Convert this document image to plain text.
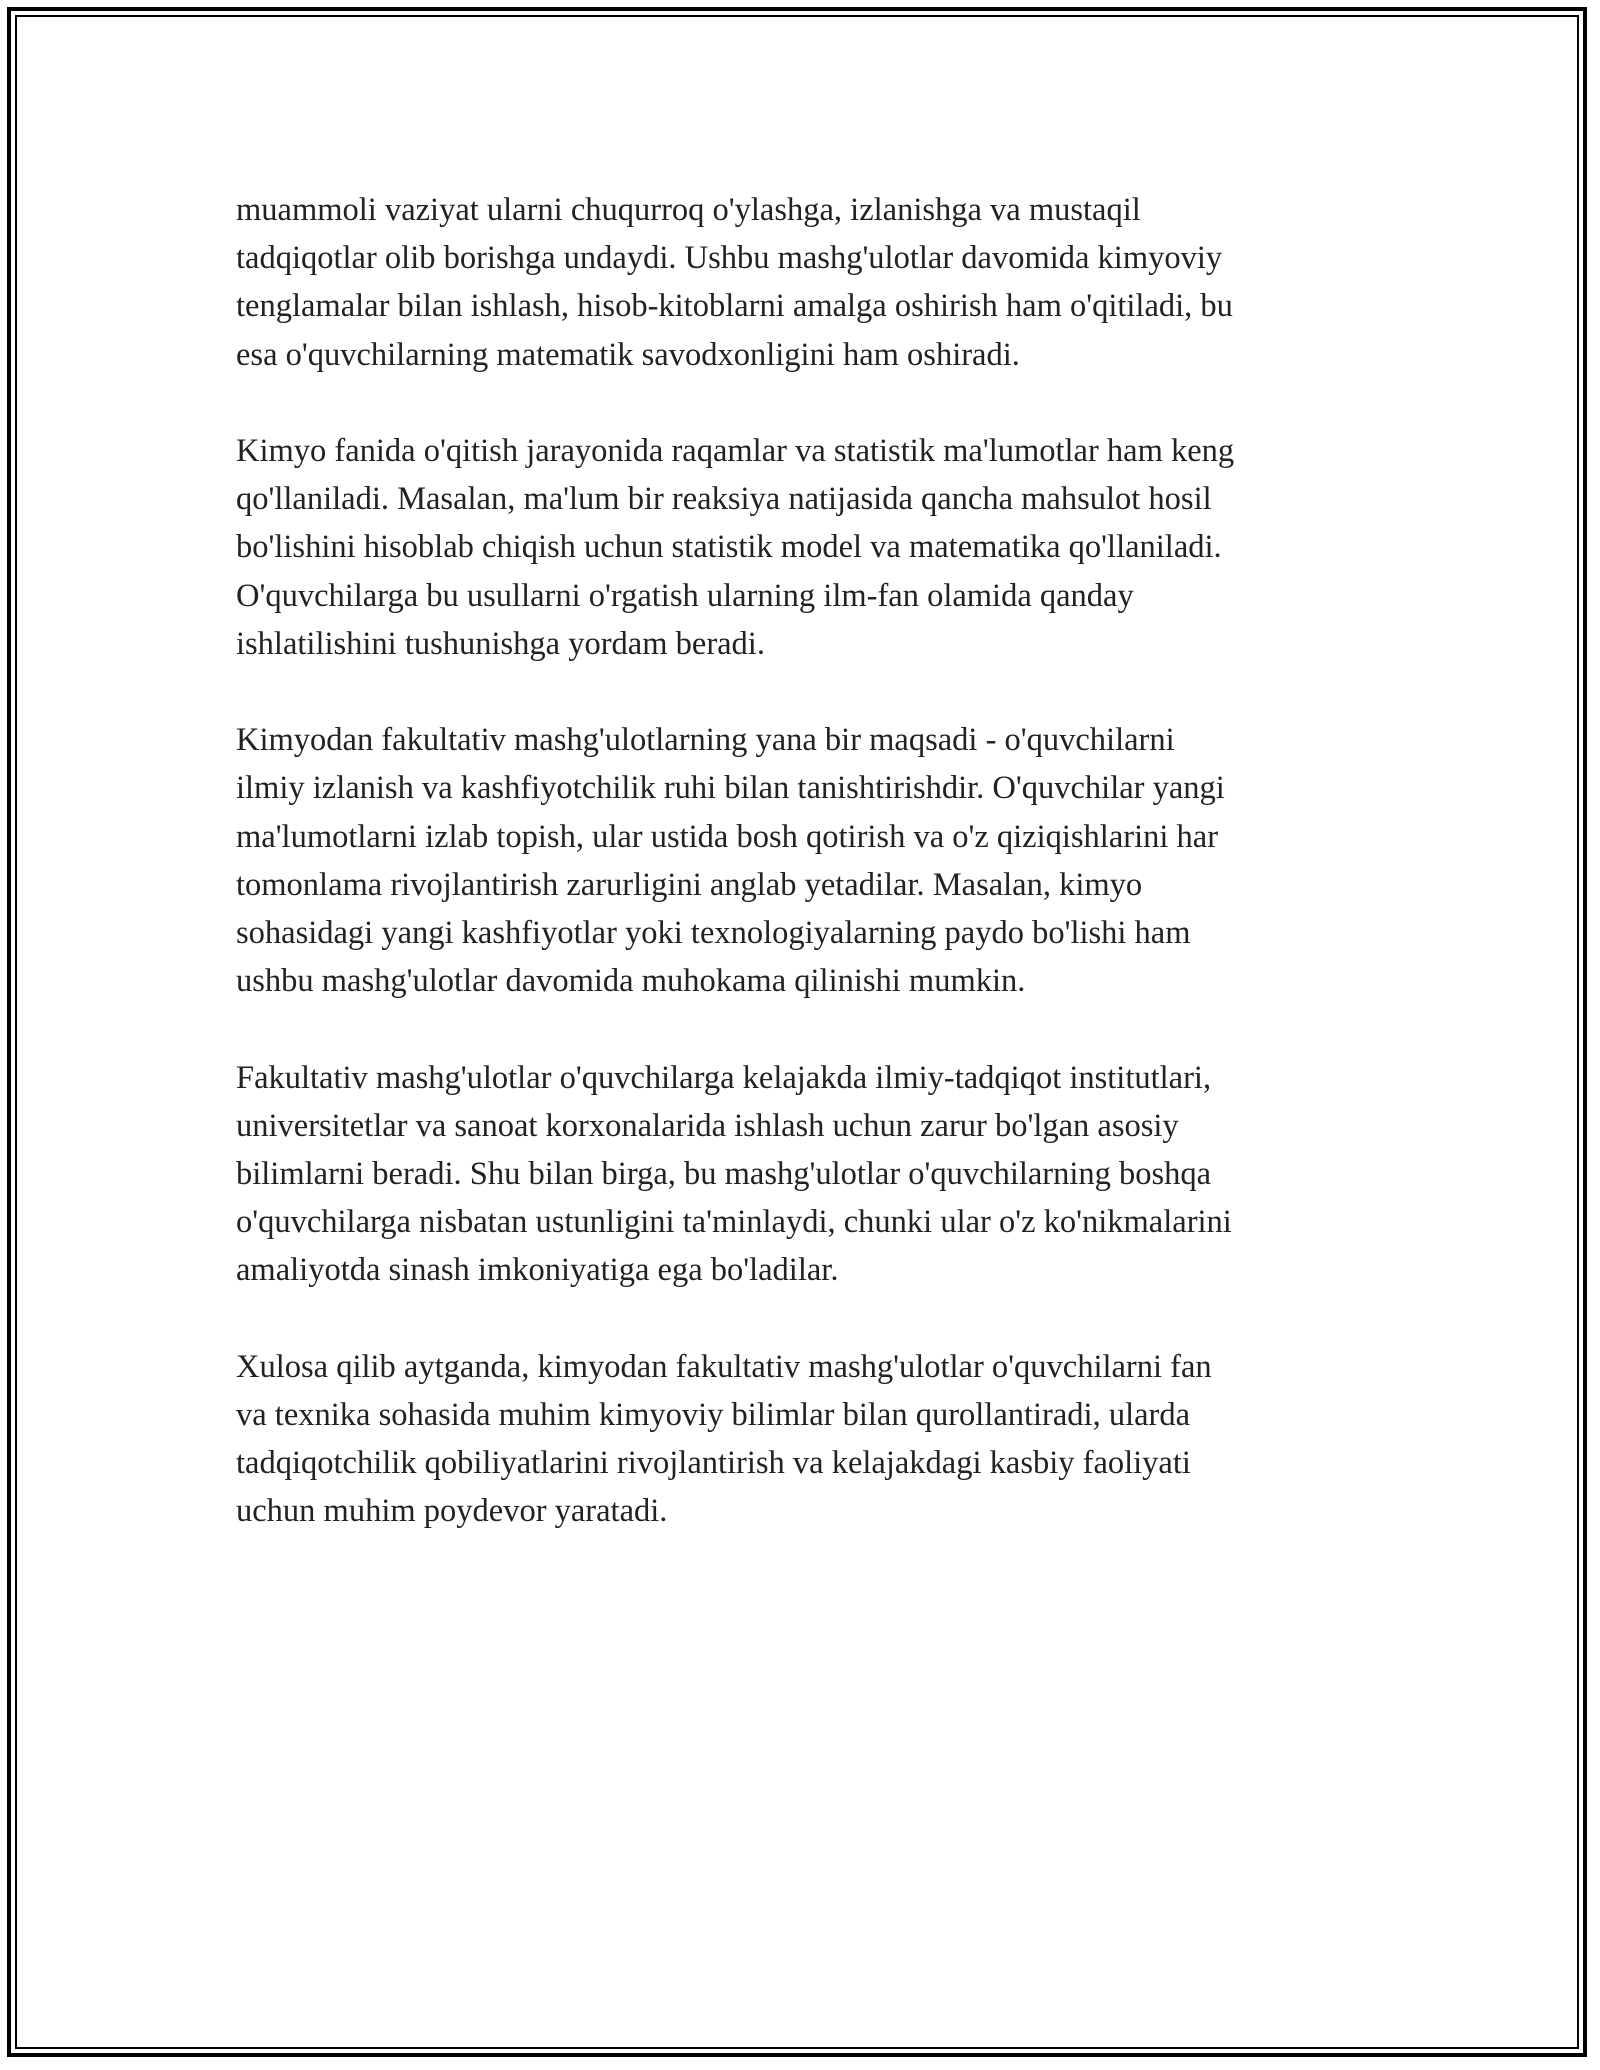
muammoli vaziyat ularni chuqurroq o'ylashga, izlanishga va mustaqil
tadqiqotlar olib borishga undaydi. Ushbu mashg'ulotlar davomida kimyoviy
tenglamalar bilan ishlash, hisob-kitoblarni amalga oshirish ham o'qitiladi, bu
esa o'quvchilarning matematik savodxonligini ham oshiradi.

Kimyo fanida o'qitish jarayonida raqamlar va statistik ma'lumotlar ham keng
qo'llaniladi. Masalan, ma'lum bir reaksiya natijasida qancha mahsulot hosil
bo'lishini hisoblab chiqish uchun statistik model va matematika qo'llaniladi.
O'quvchilarga bu usullarni o'rgatish ularning ilm-fan olamida qanday
ishlatilishini tushunishga yordam beradi.

Kimyodan fakultativ mashg'ulotlarning yana bir maqsadi - o'quvchilarni
ilmiy izlanish va kashfiyotchilik ruhi bilan tanishtirishdir. O'quvchilar yangi
ma'lumotlarni izlab topish, ular ustida bosh qotirish va o'z qiziqishlarini har
tomonlama rivojlantirish zarurligini anglab yetadilar. Masalan, kimyo
sohasidagi yangi kashfiyotlar yoki texnologiyalarning paydo bo'lishi ham
ushbu mashg'ulotlar davomida muhokama qilinishi mumkin.

Fakultativ mashg'ulotlar o'quvchilarga kelajakda ilmiy-tadqiqot institutlari,
universitetlar va sanoat korxonalarida ishlash uchun zarur bo'lgan asosiy
bilimlarni beradi. Shu bilan birga, bu mashg'ulotlar o'quvchilarning boshqa
o'quvchilarga nisbatan ustunligini ta'minlaydi, chunki ular o'z ko'nikmalarini
amaliyotda sinash imkoniyatiga ega bo'ladilar.

Xulosa qilib aytganda, kimyodan fakultativ mashg'ulotlar o'quvchilarni fan
va texnika sohasida muhim kimyoviy bilimlar bilan qurollantiradi, ularda
tadqiqotchilik qobiliyatlarini rivojlantirish va kelajakdagi kasbiy faoliyati
uchun muhim poydevor yaratadi.
